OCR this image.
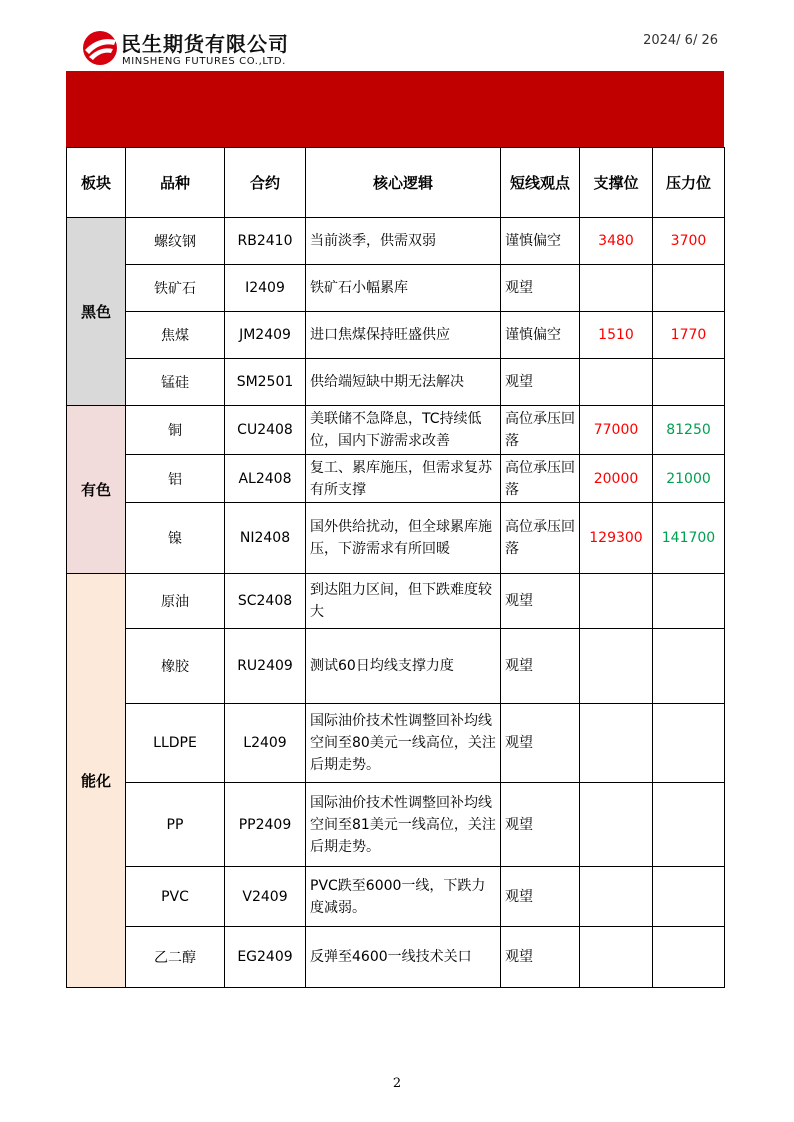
民生期货有限公司
MINSHENG FUTURES CO.,LTD.
2024/ 6/ 26
板块	品种	合约	核心逻辑	短线观点	支撑位	压力位
黑色	螺纹钢	RB2410	当前淡季，供需双弱	谨慎偏空	3480	3700
	铁矿石	I2409	铁矿石小幅累库	观望		
	焦煤	JM2409	进口焦煤保持旺盛供应	谨慎偏空	1510	1770
	锰硅	SM2501	供给端短缺中期无法解决	观望		
有色	铜	CU2408	美联储不急降息，TC持续低位，国内下游需求改善	高位承压回落	77000	81250
	铝	AL2408	复工、累库施压，但需求复苏有所支撑	高位承压回落	20000	21000
	镍	NI2408	国外供给扰动，但全球累库施压，下游需求有所回暖	高位承压回落	129300	141700
能化	原油	SC2408	到达阻力区间，但下跌难度较大	观望		
	橡胶	RU2409	测试60日均线支撑力度	观望		
	LLDPE	L2409	国际油价技术性调整回补均线空间至80美元一线高位，关注后期走势。	观望		
	PP	PP2409	国际油价技术性调整回补均线空间至81美元一线高位，关注后期走势。	观望		
	PVC	V2409	PVC跌至6000一线，下跌力度减弱。	观望		
	乙二醇	EG2409	反弹至4600一线技术关口	观望		
2
